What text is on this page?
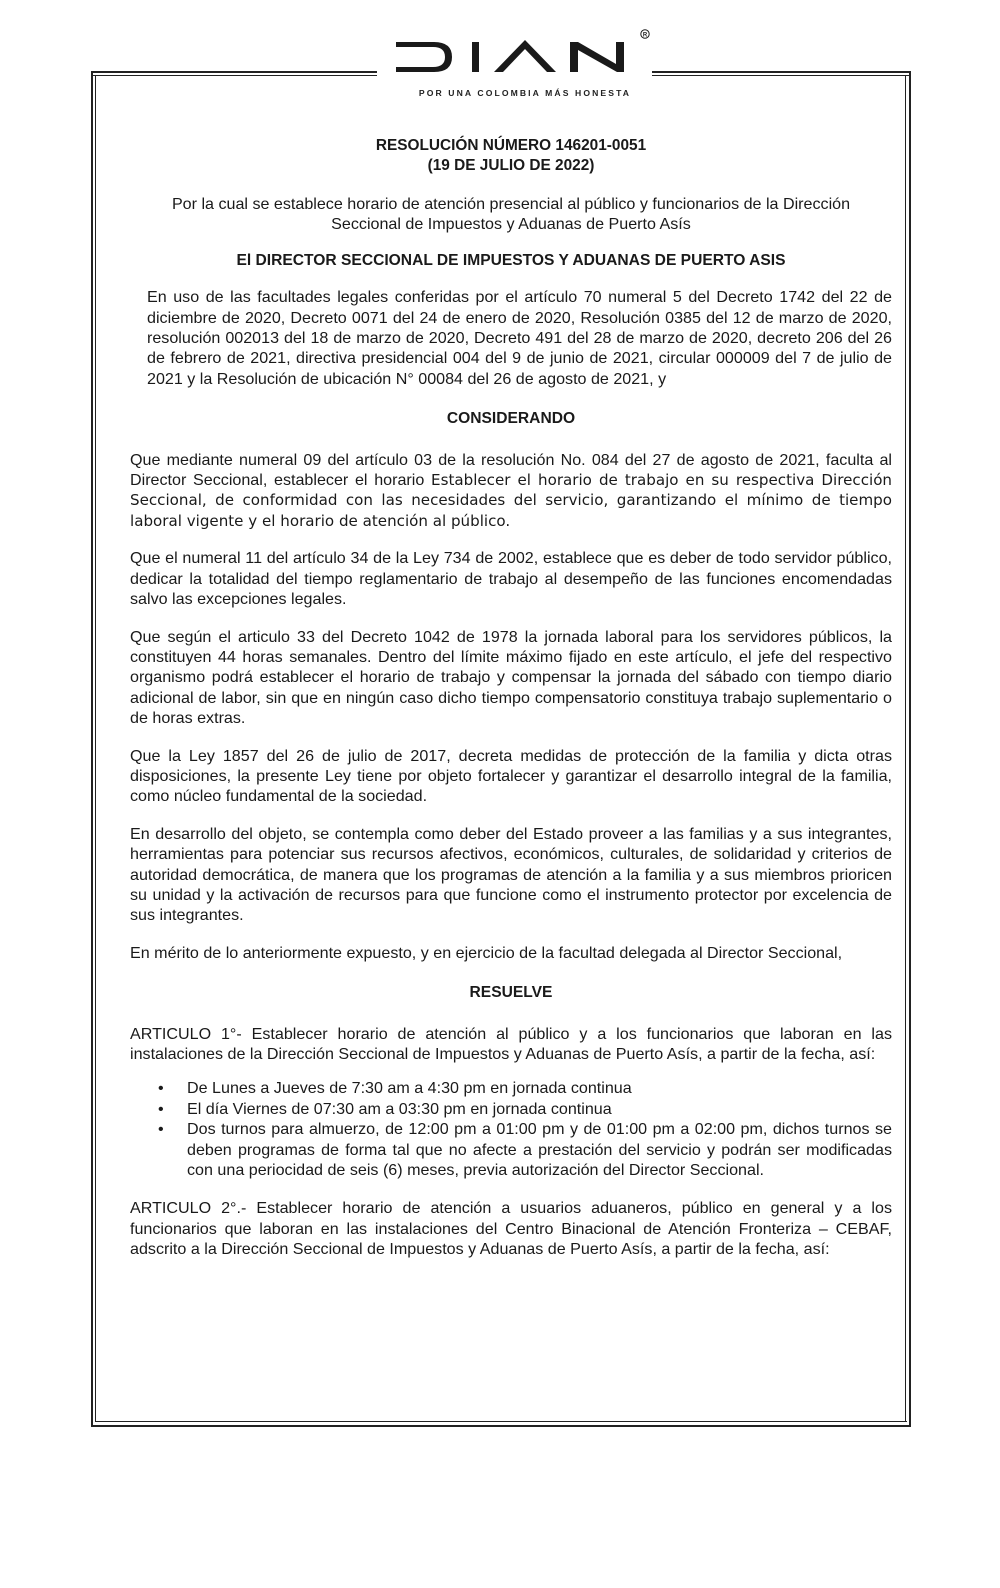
R
POR UNA COLOMBIA MÁS HONESTA

RESOLUCIÓN NÚMERO 146201-0051

(19 DE JULIO DE 2022)

Por la cual se establece horario de atención presencial al público y funcionarios de la Dirección Seccional de Impuestos y Aduanas de Puerto Asís

El DIRECTOR SECCIONAL DE IMPUESTOS Y ADUANAS DE PUERTO ASIS

En uso de las facultades legales conferidas por el artículo 70 numeral 5 del Decreto 1742 del 22 de diciembre de 2020, Decreto 0071 del 24 de enero de 2020, Resolución 0385 del 12 de marzo de 2020, resolución 002013 del 18 de marzo de 2020, Decreto 491 del 28 de marzo de 2020, decreto 206 del 26 de febrero de 2021, directiva presidencial 004 del 9 de junio de 2021, circular 000009 del 7 de julio de 2021 y la Resolución de ubicación N° 00084 del 26 de agosto de 2021, y

CONSIDERANDO

Que mediante numeral 09 del artículo 03 de la resolución No. 084 del 27 de agosto de 2021, facultа al Director Seccional, establecer el horario Establecer el horario de trabajo en su respectiva Dirección Seccional, de conformidad con las necesidades del servicio, garantizando el mínimo de tiempo laboral vigente y el horario de atención al público.

Que el numeral 11 del artículo 34 de la Ley 734 de 2002, establece que es deber de todo servidor público, dedicar la totalidad del tiempo reglamentario de trabajo al desempeño de las funciones encomendadas salvo las excepciones legales.

Que según el articulo 33 del Decreto 1042 de 1978 la jornada laboral para los servidores públicos, la constituyen 44 horas semanales. Dentro del límite máximo fijado en este artículo, el jefe del respectivo organismo podrá establecer el horario de trabajo y compensar la jornada del sábado con tiempo diario adicional de labor, sin que en ningún caso dicho tiempo compensatorio constituya trabajo suplementario o de horas extras.

Que la Ley 1857 del 26 de julio de 2017, decreta medidas de protección de la familia y dicta otras disposiciones, la presente Ley tiene por objeto fortalecer y garantizar el desarrollo integral de la familia, como núcleo fundamental de la sociedad.

En desarrollo del objeto, se contempla como deber del Estado proveer a las familias y a sus integrantes, herramientas para potenciar sus recursos afectivos, económicos, culturales, de solidaridad y criterios de autoridad democrática, de manera que los programas de atención a la familia y a sus miembros prioricen su unidad y la activación de recursos para que funcione como el instrumento protector por excelencia de sus integrantes.

En mérito de lo anteriormente expuesto, y en ejercicio de la facultad delegada al Director Seccional,

RESUELVE

ARTICULO 1°- Establecer horario de atención al público y a los funcionarios que laboran en las instalaciones de la Dirección Seccional de Impuestos y Aduanas de Puerto Asís, a partir de la fecha, así:

• De Lunes a Jueves de 7:30 am a 4:30 pm en jornada continua
• El día Viernes de 07:30 am a 03:30 pm en jornada continua
• Dos turnos para almuerzo, de 12:00 pm a 01:00 pm y de 01:00 pm a 02:00 pm, dichos turnos se deben programas de forma tal que no afecte a prestación del servicio y podrán ser modificadas con una periocidad de seis (6) meses, previa autorización del Director Seccional.

ARTICULO 2°.- Establecer horario de atención a usuarios aduaneros, público en general y a los funcionarios que laboran en las instalaciones del Centro Binacional de Atención Fronteriza – CEBAF, adscrito a la Dirección Seccional de Impuestos y Aduanas de Puerto Asís, a partir de la fecha, así:
